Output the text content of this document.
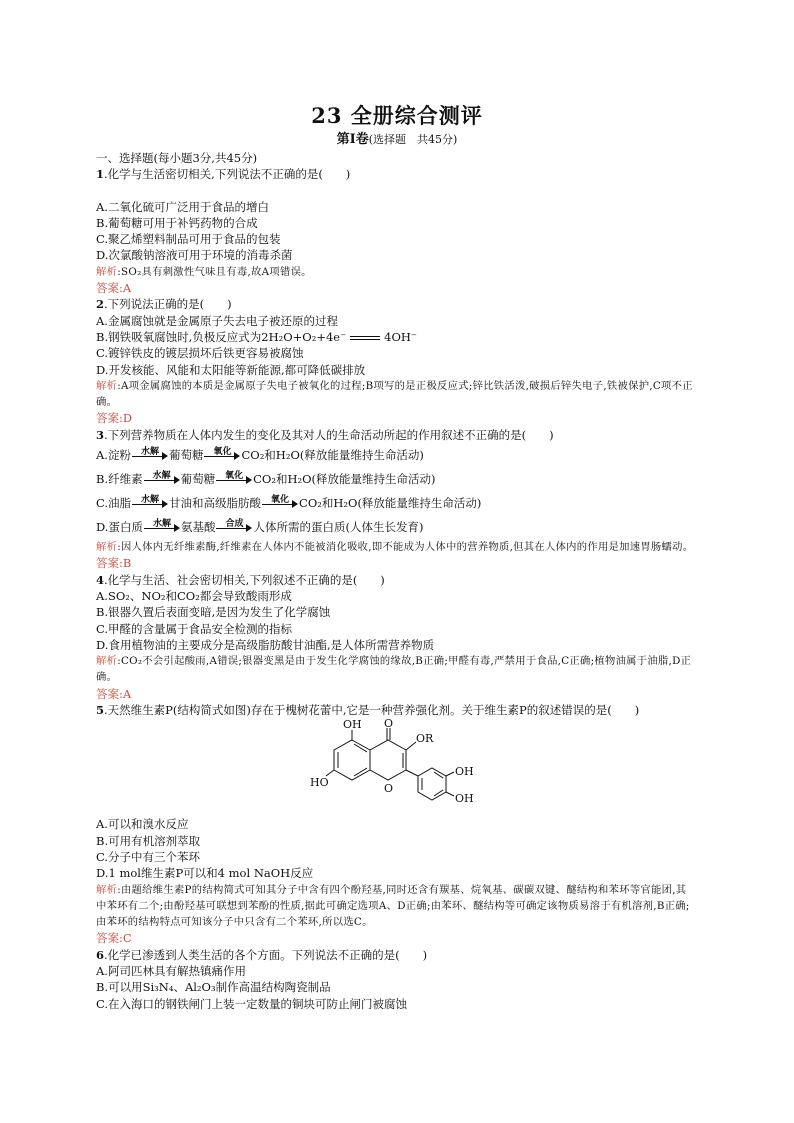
23 全册综合测评
第Ⅰ卷(选择题　共45分)
一、选择题(每小题3分,共45分)
1.化学与生活密切相关,下列说法不正确的是(　　)
A.二氧化硫可广泛用于食品的增白
B.葡萄糖可用于补钙药物的合成
C.聚乙烯塑料制品可用于食品的包装
D.次氯酸钠溶液可用于环境的消毒杀菌
解析:SO₂具有刺激性气味且有毒,故A项错误。
答案:A
2.下列说法正确的是(　　)
A.金属腐蚀就是金属原子失去电子被还原的过程
B.钢铁吸氧腐蚀时,负极反应式为2H₂O+O₂+4e⁻	4OH⁻
C.镀锌铁皮的镀层损坏后铁更容易被腐蚀
D.开发核能、风能和太阳能等新能源,都可降低碳排放
解析:A项金属腐蚀的本质是金属原子失电子被氧化的过程;B项写的是正极反应式;锌比铁活泼,破损后锌失电子,铁被保护,C项不正确。
答案:D
3.下列营养物质在人体内发生的变化及其对人的生命活动所起的作用叙述不正确的是(　　)
A.淀粉	水解 葡萄糖	氧化 CO₂和H₂O(释放能量维持生命活动)
B.纤维素	水解 葡萄糖	氧化 CO₂和H₂O(释放能量维持生命活动)
C.油脂	水解 甘油和高级脂肪酸	氧化 CO₂和H₂O(释放能量维持生命活动)
D.蛋白质	水解 氨基酸	合成 人体所需的蛋白质(人体生长发育)
解析:因人体内无纤维素酶,纤维素在人体内不能被消化吸收,即不能成为人体中的营养物质,但其在人体内的作用是加速胃肠蠕动。
答案:B
4.化学与生活、社会密切相关,下列叙述不正确的是(　　)
A.SO₂、NO₂和CO₂都会导致酸雨形成
B.银器久置后表面变暗,是因为发生了化学腐蚀
C.甲醛的含量属于食品安全检测的指标
D.食用植物油的主要成分是高级脂肪酸甘油酯,是人体所需营养物质
解析:CO₂不会引起酸雨,A错误;银器变黑是由于发生化学腐蚀的缘故,B正确;甲醛有毒,严禁用于食品,C正确;植物油属于油脂,D正确。
答案:A
5.天然维生素P(结构简式如图)存在于槐树花蕾中,它是一种营养强化剂。关于维生素P的叙述错误的是(　　)
OH O
OR
HO	O
OH
OH
A.可以和溴水反应
B.可用有机溶剂萃取
C.分子中有三个苯环
D.1 mol维生素P可以和4 mol NaOH反应
解析:由题给维生素P的结构简式可知其分子中含有四个酚羟基,同时还含有羰基、烷氧基、碳碳双键、醚结构和苯环等官能团,其中苯环有二个;由酚羟基可联想到苯酚的性质,据此可确定选项A、D正确;由苯环、醚结构等可确定该物质易溶于有机溶剂,B正确;由苯环的结构特点可知该分子中只含有二个苯环,所以选C。
答案:C
6.化学已渗透到人类生活的各个方面。下列说法不正确的是(　　)
A.阿司匹林具有解热镇痛作用
B.可以用Si₃N₄、Al₂O₃制作高温结构陶瓷制品
C.在入海口的钢铁闸门上装一定数量的铜块可防止闸门被腐蚀
